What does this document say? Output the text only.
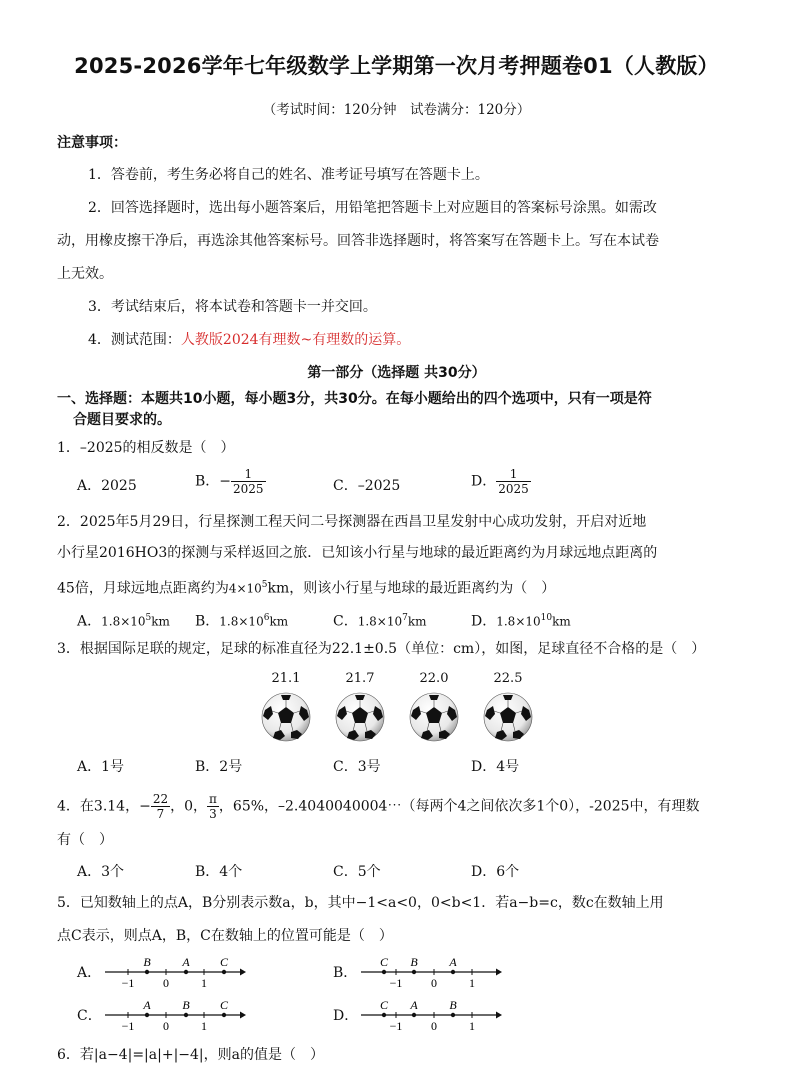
2025-2026学年七年级数学上学期第一次月考押题卷01（人教版）
（考试时间：120分钟　试卷满分：120分）
注意事项：
1．答卷前，考生务必将自己的姓名、准考证号填写在答题卡上。
2．回答选择题时，选出每小题答案后，用铅笔把答题卡上对应题目的答案标号涂黑。如需改
动，用橡皮擦干净后，再选涂其他答案标号。回答非选择题时，将答案写在答题卡上。写在本试卷
上无效。
3．考试结束后，将本试卷和答题卡一并交回。
4．测试范围：人教版2024有理数~有理数的运算。
第一部分（选择题 共30分）
一、选择题：本题共10小题，每小题3分，共30分。在每小题给出的四个选项中，只有一项是符
合题目要求的。
1．–2025的相反数是（　）
A．2025	B．− $\frac{1}{2025}$	C．–2025	D． $\frac{1}{2025}$
2．2025年5月29日，行星探测工程天问二号探测器在西昌卫星发射中心成功发射，开启对近地
小行星2016HO3的探测与采样返回之旅．已知该小行星与地球的最近距离约为月球远地点距离的
45倍，月球远地点距离约为$4\times 10^5km$，则该小行星与地球的最近距离约为（　）
A．$1.8\times 10^5km$ B．$1.8\times 10^6km$	C．$1.8\times 10^7km$	D．$1.8\times 10^{10}km$
3．根据国际足联的规定，足球的标准直径为22.1±0.5（单位：cm），如图，足球直径不合格的是（　）
21.1	21.7	22.0	22.5
A．1号	B．2号	C．3号	D．4号
4．在3.14，− $\frac{22}{7}$ ，0， $\frac{\pi}{3}$ ，65%，–2.4040040004⋯（每两个4之间依次多1个0），-2025中，有理数
有（　）
A．3个	B．4个	C．5个	D．6个
5．已知数轴上的点A，B分别表示数a，b，其中−1<a<0，0<b<1．若a−b=c，数c在数轴上用
点C表示，则点A，B，C在数轴上的位置可能是（　）
A．	B．
C．	D．
B	A	C
−1 0	1
C B	A
−1 0	1
A	B	C
−1 0	1
C A	B
−1 0	1
6．若|a−4|=|a|+|−4|，则a的值是（　）
